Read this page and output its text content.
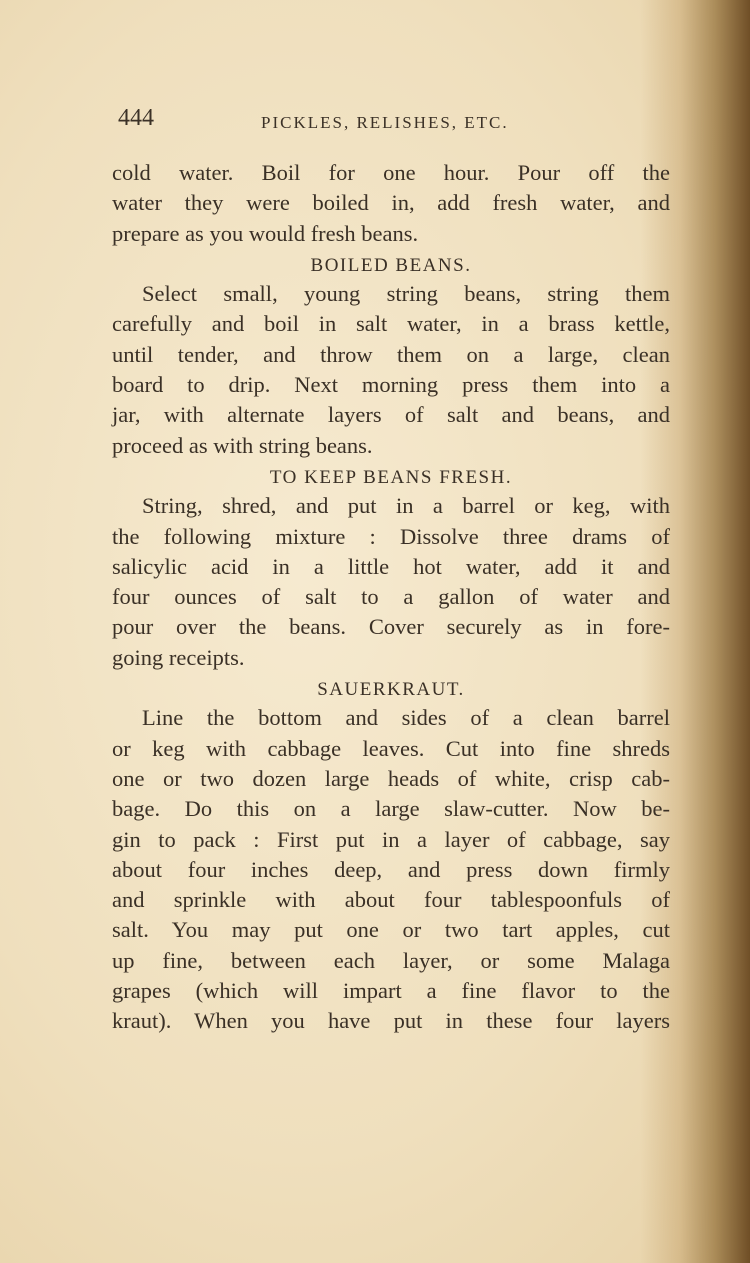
444	PICKLES, RELISHES, ETC.
cold water. Boil for one hour. Pour off the
water they were boiled in, add fresh water, and
prepare as you would fresh beans.
BOILED BEANS.
Select small, young string beans, string them
carefully and boil in salt water, in a brass kettle,
until tender, and throw them on a large, clean
board to drip. Next morning press them into a
jar, with alternate layers of salt and beans, and
proceed as with string beans.
TO KEEP BEANS FRESH.
String, shred, and put in a barrel or keg, with
the following mixture : Dissolve three drams of
salicylic acid in a little hot water, add it and
four ounces of salt to a gallon of water and
pour over the beans. Cover securely as in fore-
going receipts.
SAUERKRAUT.
Line the bottom and sides of a clean barrel
or keg with cabbage leaves. Cut into fine shreds
one or two dozen large heads of white, crisp cab-
bage. Do this on a large slaw-cutter. Now be-
gin to pack : First put in a layer of cabbage, say
about four inches deep, and press down firmly
and sprinkle with about four tablespoonfuls of
salt. You may put one or two tart apples, cut
up fine, between each layer, or some Malaga
grapes (which will impart a fine flavor to the
kraut). When you have put in these four layers
